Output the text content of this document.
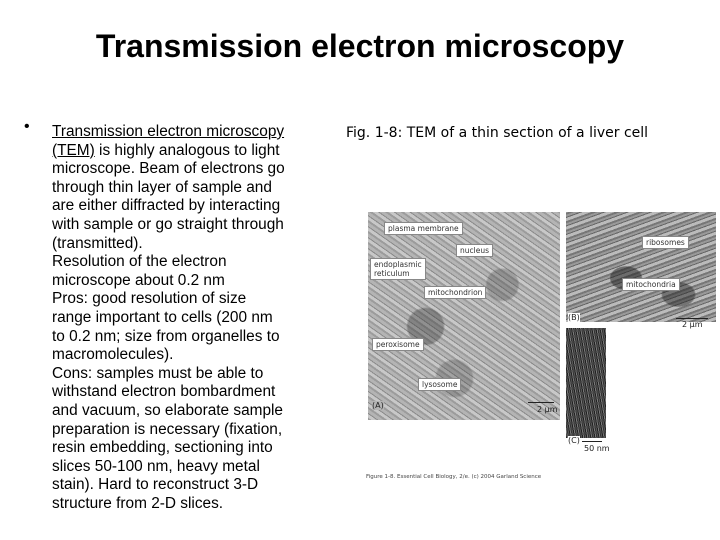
Transmission electron microscopy
• Transmission electron microscopy
(TEM) is highly analogous to light
microscope. Beam of electrons go
through thin layer of sample and
are either diffracted by interacting
with sample or go straight through
(transmitted).
Resolution of the electron
microscope about 0.2 nm
Pros: good resolution of size
range important to cells (200 nm
to 0.2 nm; size from organelles to
macromolecules).
Cons: samples must be able to
withstand electron bombardment
and vacuum, so elaborate sample
preparation is necessary (fixation,
resin embedding, sectioning into
slices 50-100 nm, heavy metal
stain). Hard to reconstruct 3-D
structure from 2-D slices.
Fig. 1-8: TEM of a thin section of a liver cell
plasma membrane
nucleus
endoplasmic
reticulum
mitochondrion
peroxisome
lysosome
ribosomes
mitochondria
(A)
(B)
(C)
2 µm
2 µm
50 nm
Figure 1-8. Essential Cell Biology, 2/e. (c) 2004 Garland Science
